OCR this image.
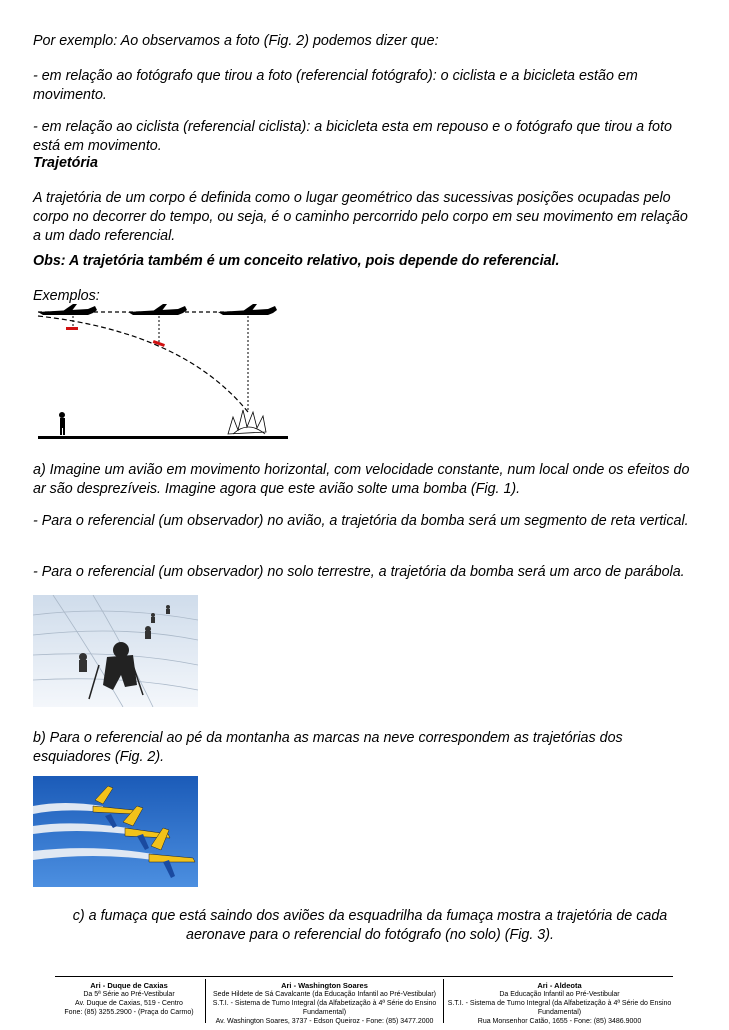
Por exemplo: Ao observamos a foto (Fig. 2) podemos dizer que:
- em relação ao fotógrafo que tirou a foto (referencial fotógrafo): o ciclista e a bicicleta estão em movimento.
- em relação ao ciclista (referencial ciclista): a bicicleta esta em repouso e o fotógrafo que tirou a foto está em movimento.
Trajetória
A trajetória de um corpo é definida como o lugar geométrico das sucessivas posições ocupadas pelo corpo no decorrer do tempo, ou seja, é o caminho percorrido pelo corpo em seu movimento em relação a um dado referencial.
Obs: A trajetória também é um conceito relativo, pois depende do referencial.
Exemplos:
a) Imagine um avião em movimento horizontal, com velocidade constante, num local onde os efeitos do ar são desprezíveis. Imagine agora que este avião solte uma bomba (Fig. 1).
- Para o referencial (um observador) no avião, a trajetória da bomba será um segmento de reta vertical.
- Para o referencial (um observador) no solo terrestre, a trajetória da bomba será um arco de parábola.
b) Para o referencial ao pé da montanha as marcas na neve correspondem as trajetórias dos esquiadores (Fig. 2).
c) a fumaça que está saindo dos aviões da esquadrilha da fumaça mostra a trajetória de cada aeronave para o referencial do fotógrafo (no solo) (Fig. 3).
Ari - Duque de Caxias
Da 5ª Série ao Pré-Vestibular
Av. Duque de Caxias, 519 - Centro
Fone: (85) 3255.2900 - (Praça do Carmo)
Ari - Washington Soares
Sede Hildete de Sá Cavalcante (da Educação Infantil ao Pré-Vestibular)
S.T.I. - Sistema de Turno Integral (da Alfabetização à 4ª Série do Ensino Fundamental)
Av. Washington Soares, 3737 - Edson Queiroz - Fone: (85) 3477.2000
Ari - Aldeota
Da Educação Infantil ao Pré-Vestibular
S.T.I. - Sistema de Turno Integral (da Alfabetização à 4ª Série do Ensino Fundamental)
Rua Monsenhor Catão, 1655 - Fone: (85) 3486.9000
